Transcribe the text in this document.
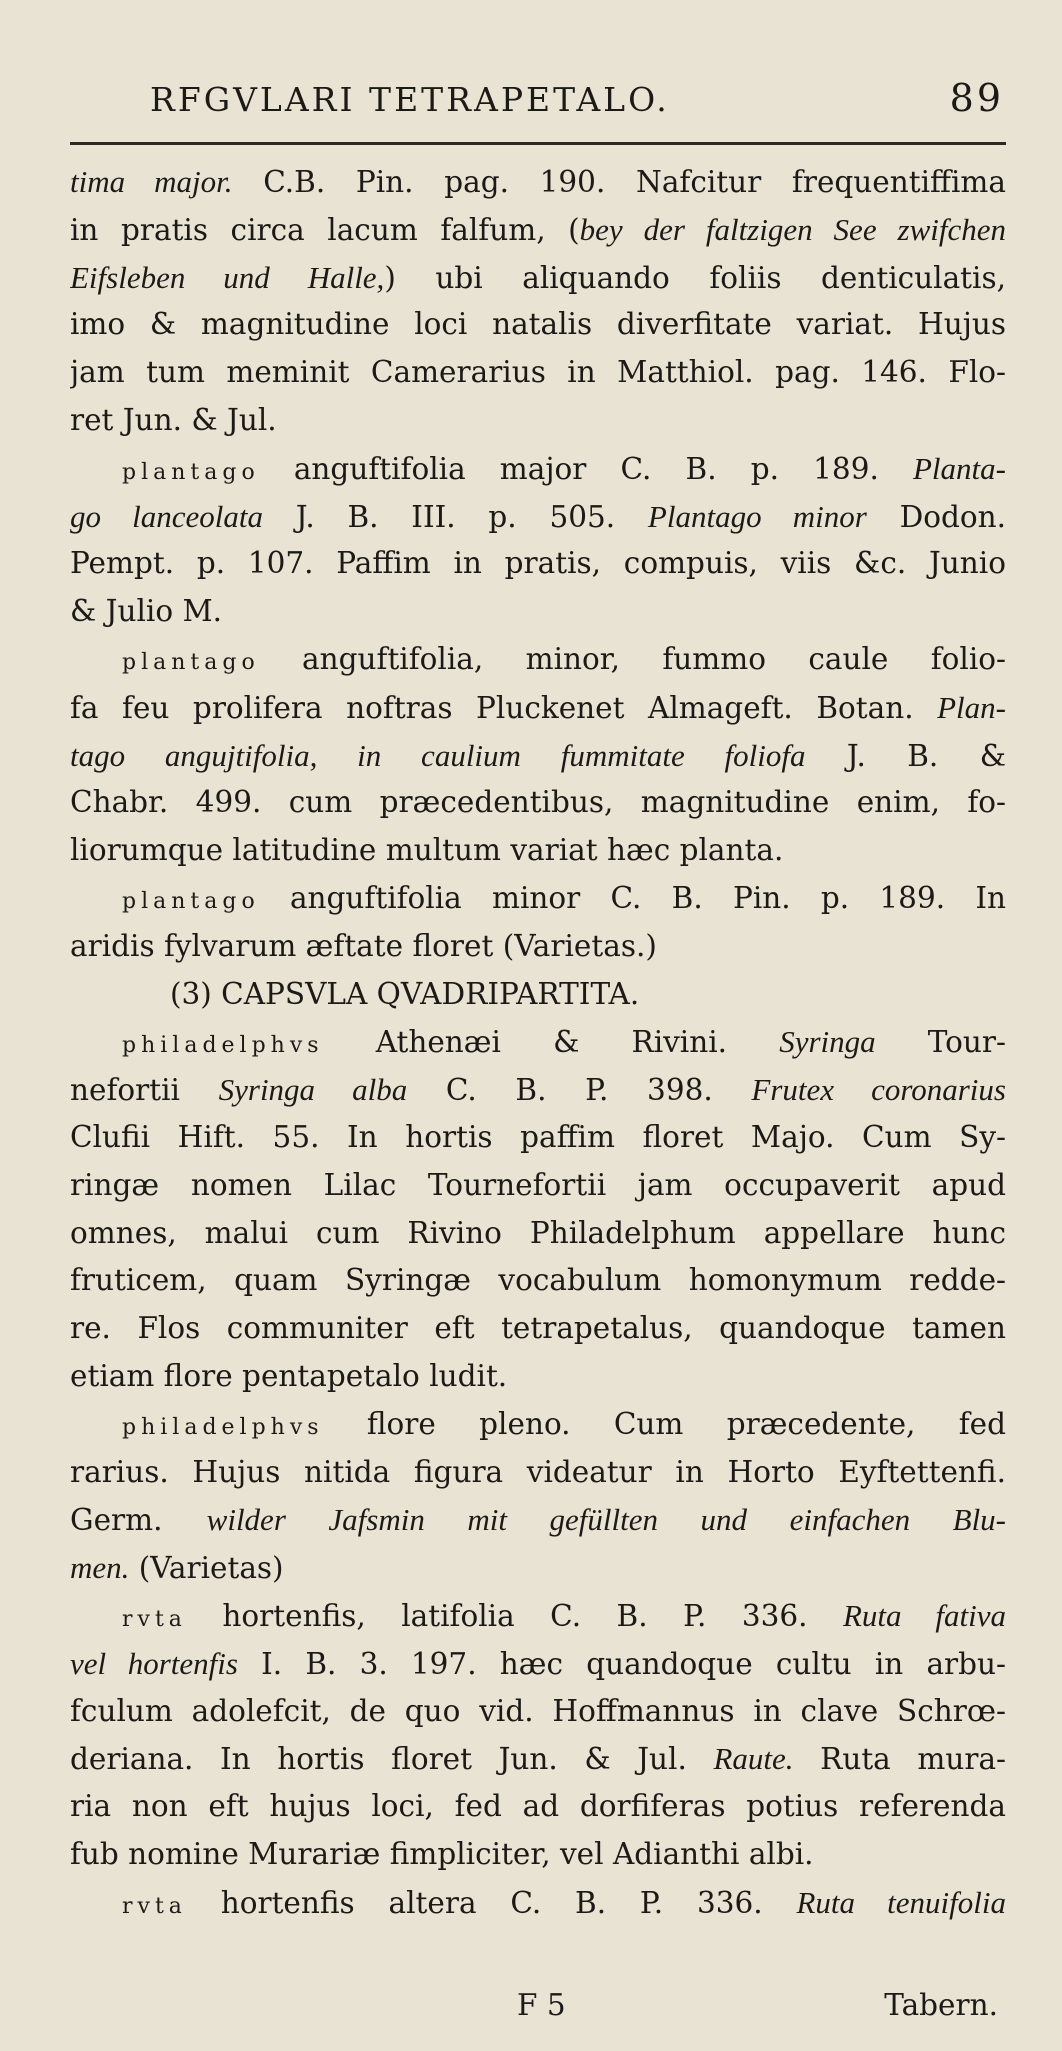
RFGVLARI TETRAPETALO.	89
tima major. C.B. Pin. pag. 190. Nafcitur frequentiffima
in pratis circa lacum falfum, (bey der faltzigen See zwifchen
Eifsleben und Halle,) ubi aliquando foliis denticulatis,
imo & magnitudine loci natalis diverfitate variat. Hujus
jam tum meminit Camerarius in Matthiol. pag. 146. Flo-
ret Jun. & Jul.
plantago anguftifolia major C. B. p. 189. Planta-
go lanceolata J. B. III. p. 505. Plantago minor Dodon.
Pempt. p. 107. Paffim in pratis, compuis, viis &c. Junio
& Julio M.
plantago anguftifolia, minor, fummo caule folio-
fa feu prolifera noftras Pluckenet Almageft. Botan. Plan-
tago angujtifolia, in caulium fummitate foliofa J. B. &
Chabr. 499. cum præcedentibus, magnitudine enim, fo-
liorumque latitudine multum variat hæc planta.
plantago anguftifolia minor C. B. Pin. p. 189. In
aridis fylvarum æftate floret (Varietas.)
(3) CAPSVLA QVADRIPARTITA.
philadelphvs Athenæi & Rivini. Syringa Tour-
nefortii Syringa alba C. B. P. 398. Frutex coronarius
Clufii Hift. 55. In hortis paffim floret Majo. Cum Sy-
ringæ nomen Lilac Tournefortii jam occupaverit apud
omnes, malui cum Rivino Philadelphum appellare hunc
fruticem, quam Syringæ vocabulum homonymum redde-
re. Flos communiter eft tetrapetalus, quandoque tamen
etiam flore pentapetalo ludit.
philadelphvs flore pleno. Cum præcedente, fed
rarius. Hujus nitida figura videatur in Horto Eyftettenfi.
Germ. wilder Jafsmin mit gefüllten und einfachen Blu-
men. (Varietas)
rvta hortenfis, latifolia C. B. P. 336. Ruta fativa
vel hortenfis I. B. 3. 197. hæc quandoque cultu in arbu-
fculum adolefcit, de quo vid. Hoffmannus in clave Schrœ-
deriana. In hortis floret Jun. & Jul. Raute. Ruta mura-
ria non eft hujus loci, fed ad dorfiferas potius referenda
fub nomine Murariæ fimpliciter, vel Adianthi albi.
rvta hortenfis altera C. B. P. 336. Ruta tenuifolia
F 5	Tabern.
